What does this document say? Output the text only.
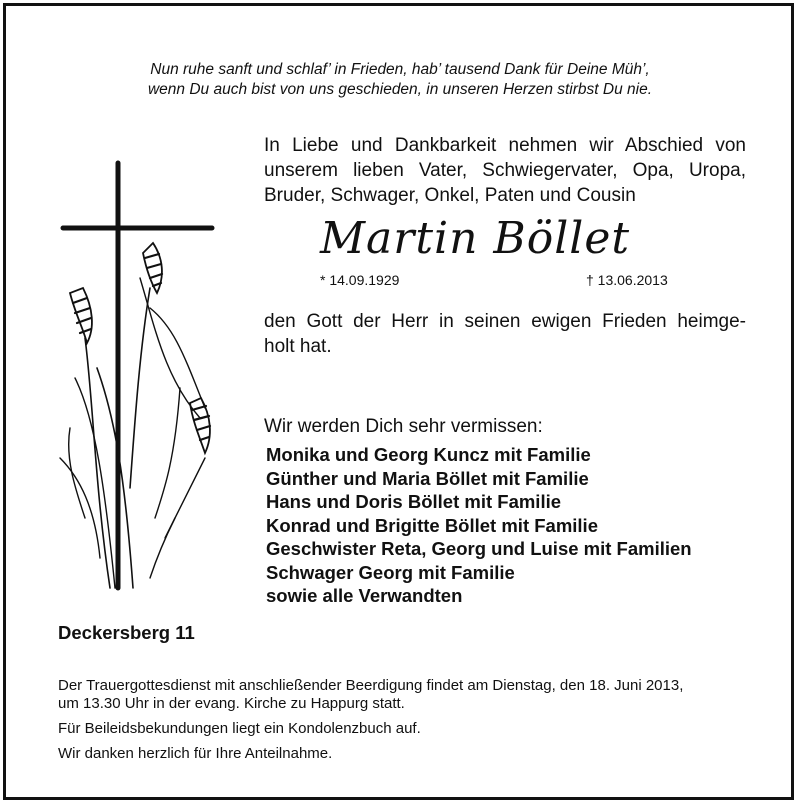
Nun ruhe sanft und schlaf’ in Frieden, hab’ tausend Dank für Deine Müh’,
wenn Du auch bist von uns geschieden, in unseren Herzen stirbst Du nie.
In Liebe und Dankbarkeit nehmen wir Abschied von
unserem lieben Vater, Schwiegervater, Opa, Uropa,
Bruder, Schwager, Onkel, Paten und Cousin
Martin Böllet
* 14.09.1929	† 13.06.2013
den Gott der Herr in seinen ewigen Frieden heimge-
holt hat.
Wir werden Dich sehr vermissen:
Monika und Georg Kuncz mit Familie
Günther und Maria Böllet mit Familie
Hans und Doris Böllet mit Familie
Konrad und Brigitte Böllet mit Familie
Geschwister Reta, Georg und Luise mit Familien
Schwager Georg mit Familie
sowie alle Verwandten
Deckersberg 11

Der Trauergottesdienst mit anschließender Beerdigung findet am Dienstag, den 18. Juni 2013,
um 13.30 Uhr in der evang. Kirche zu Happurg statt.

Für Beileidsbekundungen liegt ein Kondolenzbuch auf.

Wir danken herzlich für Ihre Anteilnahme.
